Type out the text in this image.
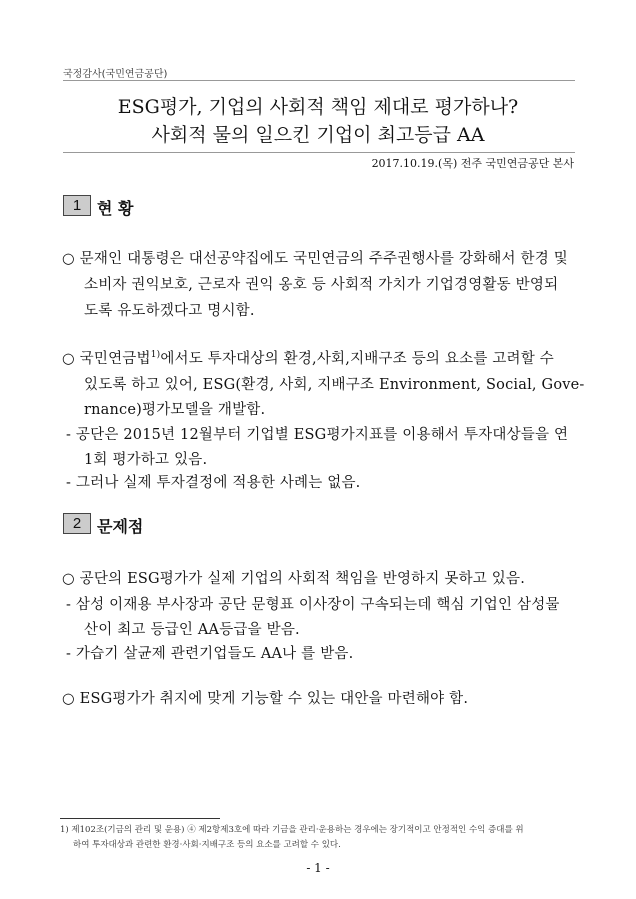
국정감사(국민연금공단)
ESG평가, 기업의 사회적 책임 제대로 평가하나?
사회적 물의 일으킨 기업이 최고등급 AA
2017.10.19.(목) 전주 국민연금공단 본사
1 현 황
○ 문재인 대통령은 대선공약집에도 국민연금의 주주권행사를 강화해서 한경 및
소비자 권익보호, 근로자 권익 옹호 등 사회적 가치가 기업경영활동 반영되
도록 유도하겠다고 명시함.
○ 국민연금법$^{1)}$에서도 투자대상의 환경,사회,지배구조 등의 요소를 고려할 수
있도록 하고 있어, ESG(환경, 사회, 지배구조 Environment, Social, Gove-
rnance)평가모델을 개발함.
- 공단은 2015년 12월부터 기업별 ESG평가지표를 이용해서 투자대상들을 연
1회 평가하고 있음.
- 그러나 실제 투자결정에 적용한 사례는 없음.
2 문제점
○ 공단의 ESG평가가 실제 기업의 사회적 책임을 반영하지 못하고 있음.
- 삼성 이재용 부사장과 공단 문형표 이사장이 구속되는데 핵심 기업인 삼성물
산이 최고 등급인 AA등급을 받음.
- 가습기 살균제 관련기업들도 AA나 를 받음.
○ ESG평가가 취지에 맞게 기능할 수 있는 대안을 마련해야 함.
1) 제102조(기금의 관리 및 운용) ④ 제2항제3호에 따라 기금을 관리·운용하는 경우에는 장기적이고 안정적인 수익 증대를 위
하여 투자대상과 관련한 환경·사회·지배구조 등의 요소를 고려할 수 있다.
- 1 -
